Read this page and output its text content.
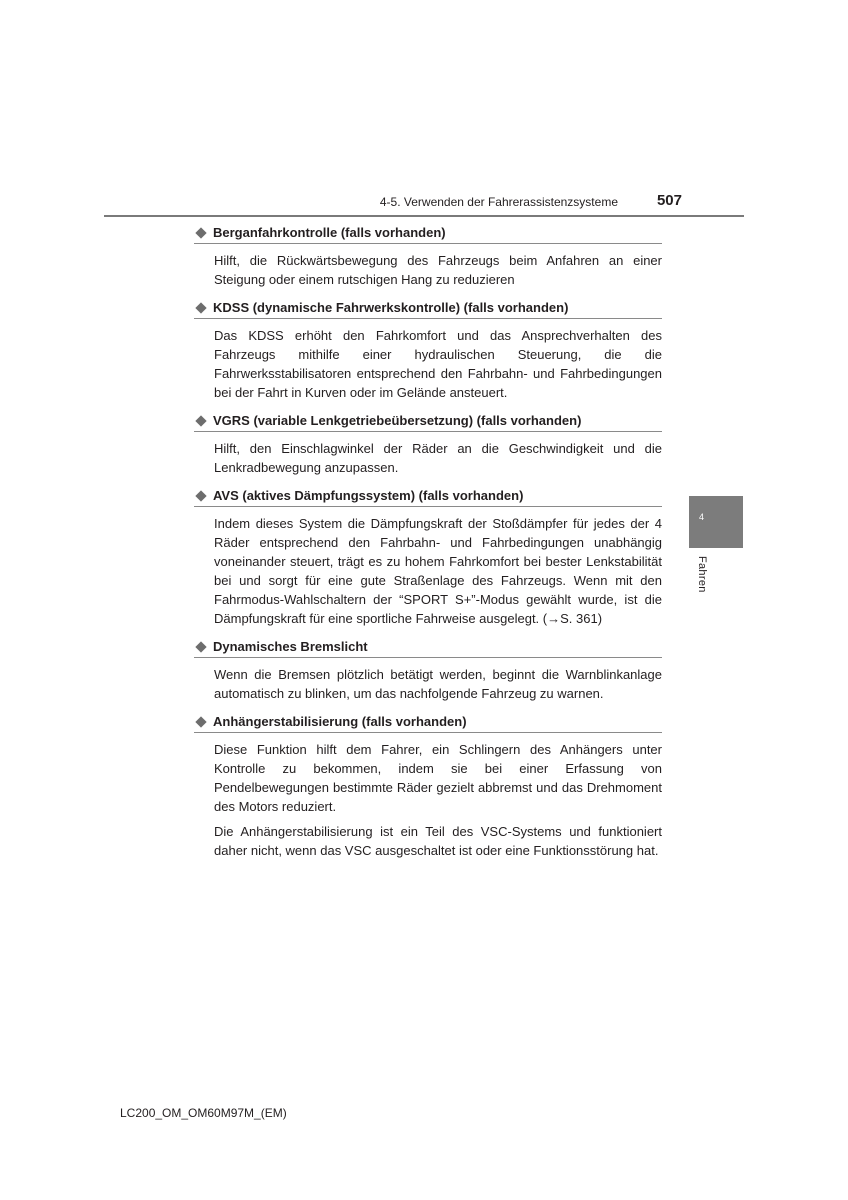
4-5. Verwenden der Fahrerassistenzsysteme	507
Berganfahrkontrolle (falls vorhanden)

Hilft, die Rückwärtsbewegung des Fahrzeugs beim Anfahren an einer Steigung oder einem rutschigen Hang zu reduzieren

KDSS (dynamische Fahrwerkskontrolle) (falls vorhanden)

Das KDSS erhöht den Fahrkomfort und das Ansprechverhalten des Fahrzeugs mithilfe einer hydraulischen Steuerung, die die Fahrwerksstabilisatoren entsprechend den Fahrbahn- und Fahrbedingungen bei der Fahrt in Kurven oder im Gelände ansteuert.

VGRS (variable Lenkgetriebeübersetzung) (falls vorhanden)

Hilft, den Einschlagwinkel der Räder an die Geschwindigkeit und die Lenkradbewegung anzupassen.

AVS (aktives Dämpfungssystem) (falls vorhanden)

Indem dieses System die Dämpfungskraft der Stoßdämpfer für jedes der 4 Räder entsprechend den Fahrbahn- und Fahrbedingungen unabhängig voneinander steuert, trägt es zu hohem Fahrkomfort bei bester Lenkstabilität bei und sorgt für eine gute Straßenlage des Fahrzeugs. Wenn mit den Fahrmodus-Wahlschaltern der “SPORT S+”-Modus gewählt wurde, ist die Dämpfungskraft für eine sportliche Fahrweise ausgelegt. (→S. 361)

Dynamisches Bremslicht

Wenn die Bremsen plötzlich betätigt werden, beginnt die Warnblinkanlage automatisch zu blinken, um das nachfolgende Fahrzeug zu warnen.

Anhängerstabilisierung (falls vorhanden)

Diese Funktion hilft dem Fahrer, ein Schlingern des Anhängers unter Kontrolle zu bekommen, indem sie bei einer Erfassung von Pendelbewegungen bestimmte Räder gezielt abbremst und das Drehmoment des Motors reduziert.

Die Anhängerstabilisierung ist ein Teil des VSC-Systems und funktioniert daher nicht, wenn das VSC ausgeschaltet ist oder eine Funktionsstörung hat.

4
Fahren
LC200_OM_OM60M97M_(EM)
